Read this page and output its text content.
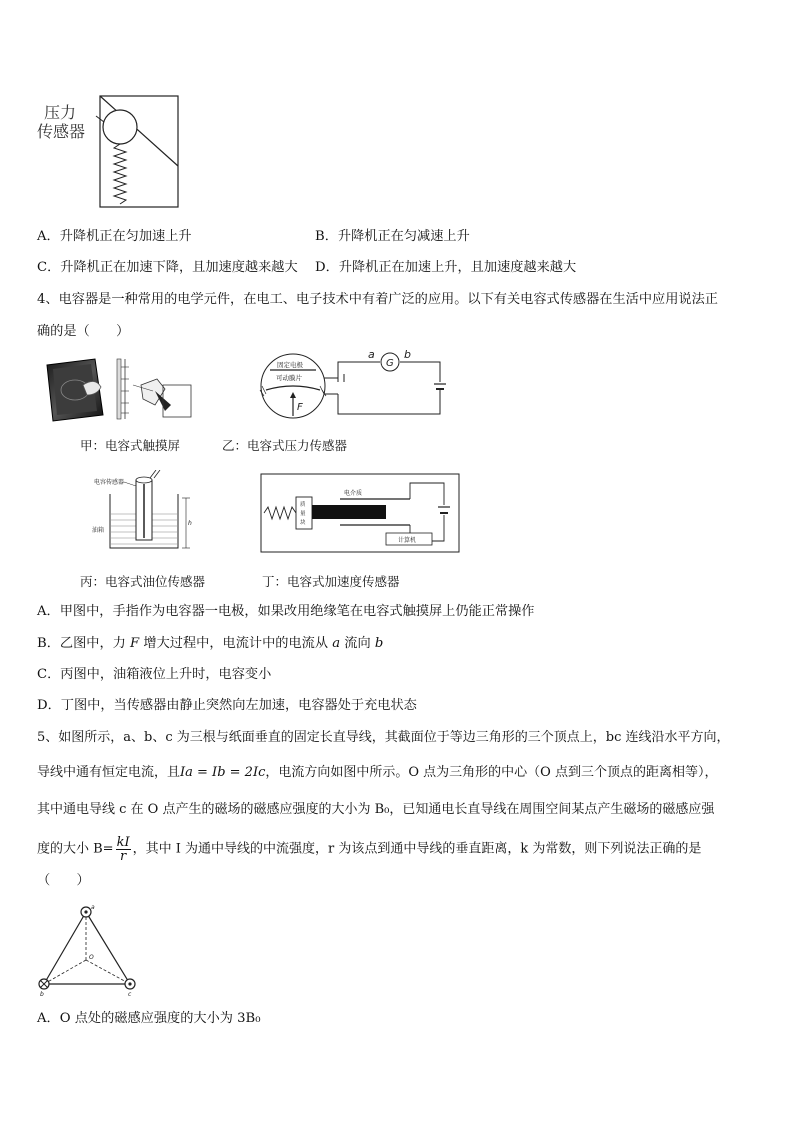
压力
传感器
A．升降机正在匀加速上升	B．升降机正在匀减速上升
C．升降机正在加速下降，且加速度越来越大 D．升降机正在加速上升，且加速度越来越大
4、电容器是一种常用的电学元件，在电工、电子技术中有着广泛的应用。以下有关电容式传感器在生活中应用说法正
确的是（　　）
固定电极
可动膜片
F
G
a	b
甲：电容式触摸屏	乙：电容式压力传感器
h
电容传感器
油箱
质
量
块
电介质
计算机
丙：电容式油位传感器	丁：电容式加速度传感器
A．甲图中，手指作为电容器一电极，如果改用绝缘笔在电容式触摸屏上仍能正常操作
B．乙图中，力 F 增大过程中，电流计中的电流从 a 流向 b
C．丙图中，油箱液位上升时，电容变小
D．丁图中，当传感器由静止突然向左加速，电容器处于充电状态
5、如图所示，a、b、c 为三根与纸面垂直的固定长直导线，其截面位于等边三角形的三个顶点上，bc 连线沿水平方向，
导线中通有恒定电流，且Ia = Ib = 2Ic，电流方向如图中所示。O 点为三角形的中心（O 点到三个顶点的距离相等），
其中通电导线 c 在 O 点产生的磁场的磁感应强度的大小为 B₀，已知通电长直导线在周围空间某点产生磁场的磁感应强
度的大小 $B= \frac{kI}{r}$ ，其中 I 为通中导线的中流强度，r 为该点到通中导线的垂直距离，k 为常数，则下列说法正确的是
（　　）
a
b	c
O
A．O 点处的磁感应强度的大小为 3B₀
